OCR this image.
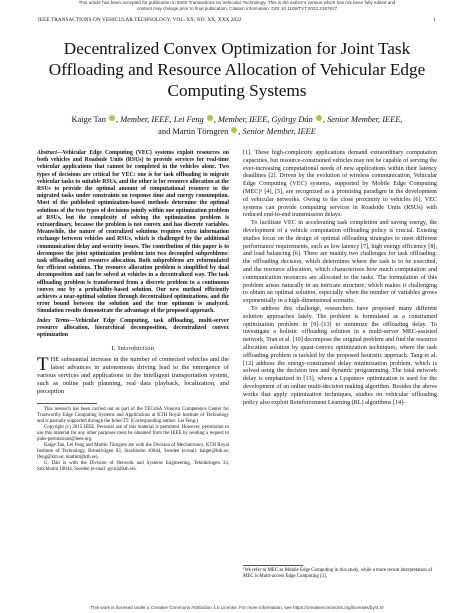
This article has been accepted for publication in IEEE Transactions on Vehicular Technology. This is the author's version which has not been fully edited and
content may change prior to final publication. Citation information: DOI 10.1109/TVT.2022.3197627
IEEE TRANSACTIONS ON VEHICULAR TECHNOLOGY, VOL. XX, NO. XX, XXX 2022	1
Decentralized Convex Optimization for Joint Task Offloading and Resource Allocation of Vehicular Edge Computing Systems
Kaige Tan , Member, IEEE, Lei Feng , Member, IEEE, György Dán , Senior Member, IEEE,
and Martin Törngren , Senior Member, IEEE
Abstract—Vehicular Edge Computing (VEC) systems exploit resources on both vehicles and Roadside Units (RSUs) to provide services for real-time vehicular applications that cannot be completed in the vehicles alone. Two types of decisions are critical for VEC: one is for task offloading to migrate vehicular tasks to suitable RSUs, and the other is for resource allocation at the RSUs to provide the optimal amount of computational resource to the migrated tasks under constraints on response time and energy consumption. Most of the published optimization-based methods determine the optimal solutions of the two types of decisions jointly within one optimization problem at RSUs, but the complexity of solving the optimization problem is extraordinary, because the problem is not convex and has discrete variables. Meanwhile, the nature of centralized solutions requires extra information exchange between vehicles and RSUs, which is challenged by the additional communication delay and security issues. The contribution of this paper is to decompose the joint optimization problem into two decoupled subproblems: task offloading and resource allocation. Both subproblems are reformulated for efficient solutions. The resource allocation problem is simplified by dual decomposition and can be solved at vehicles in a decentralized way. The task offloading problem is transformed from a discrete problem to a continuous convex one by a probability-based solution. Our new method efficiently achieves a near-optimal solution through decentralized optimizations, and the error bound between the solution and the true optimum is analyzed. Simulation results demonstrate the advantage of the proposed approach.
Index Terms—Vehicular Edge Computing, task offloading, multi-server resource allocation, hierarchical decomposition, decentralized convex optimization
I. Introduction
THE substantial increase in the number of connected vehicles and the latest advances in autonomous driving lead to the emergence of various services and applications in the intelligent transportation system, such as online path planning, real data playback, localization, and perception

This research has been carried out as part of the TECoSA Vinnova Competence Center for Trustworthy Edge Computing Systems and Applications at KTH Royal Institute of Technology and is partially supported through the InSecTT. (Corresponding author: Lei Feng.)

Copyright (c) 2015 IEEE. Personal use of this material is permitted. However, permission to use this material for any other purposes must be obtained from the IEEE by sending a request to pubs-permissions@ieee.org.

Kaige Tan, Lei Feng and Martin Törngren are with the Division of Mechatronics, KTH Royal Institute of Technology, Brinellvägen 83, Stockholm 10044, Sweden (e-mail: kaiget@kth.se; lfeng@kth.se; martint@kth.se).

G. Dán is with the Division of Network and Systems Engineering, Teknikringen 33, Stockholm 10044, Sweden (e-mail: gyuri@kth.se).

[1]. These high-complexity applications demand extraordinary computation capacities, but resource-constrained vehicles may not be capable of serving the ever-increasing computational needs of new applications within their latency deadlines [2]. Driven by the evolution of wireless communication, Vehicular Edge Computing (VEC) systems, supported by Mobile Edge Computing (MEC)¹ [4], [5], are recognized as a promising paradigm in the development of vehicular networks. Owing to the close proximity to vehicles [6], VEC systems can provide computing services in Roadside Units (RSUs) with reduced end-to-end transmission delays.

To facilitate VEC in accelerating task completion and saving energy, the development of a vehicle computation offloading policy is crucial. Existing studies focus on the design of optimal offloading strategies to meet different performance requirements, such as low latency [7], high energy efficiency [8], and load balancing [6]. There are mainly two challenges for task offloading: the offloading decision, which determines where the task is to be executed, and the resource allocation, which characterizes how much computation and communication resources are allocated to the tasks. The formulation of this problem arises naturally in an intricate structure, which makes it challenging to obtain an optimal solution, especially when the number of variables grows exponentially in a high-dimensional scenario.

To address this challenge, researchers have proposed many different solution approaches lately. The problem is formulated as a constrained optimization problem in [9]–[13] to minimize the offloading delay. To investigate a holistic offloading solution in a multi-server MEC-assisted network, Tran et al. [10] decompose the original problem and find the resource allocation solution by quasi-convex optimization techniques, where the task offloading problem is tackled by the proposed heuristic approach. Tang et al. [12] address the energy-constrained delay minimization problem, which is solved using the decision tree and dynamic programming. The total network delay is emphasized in [13], where a Lyapunov optimization is used for the development of an online multi-decision making algorithm. Besides the above works that apply optimization techniques, studies on vehicular offloading policy also exploit Reinforcement Learning (RL) algorithms [14]–

¹We refer to MEC as Mobile Edge Computing in this study, while a more recent interpretation of MEC is Multi-access Edge Computing [3].
This work is licensed under a Creative Commons Attribution 4.0 License. For more information, see https://creativecommons.org/licenses/by/4.0/
